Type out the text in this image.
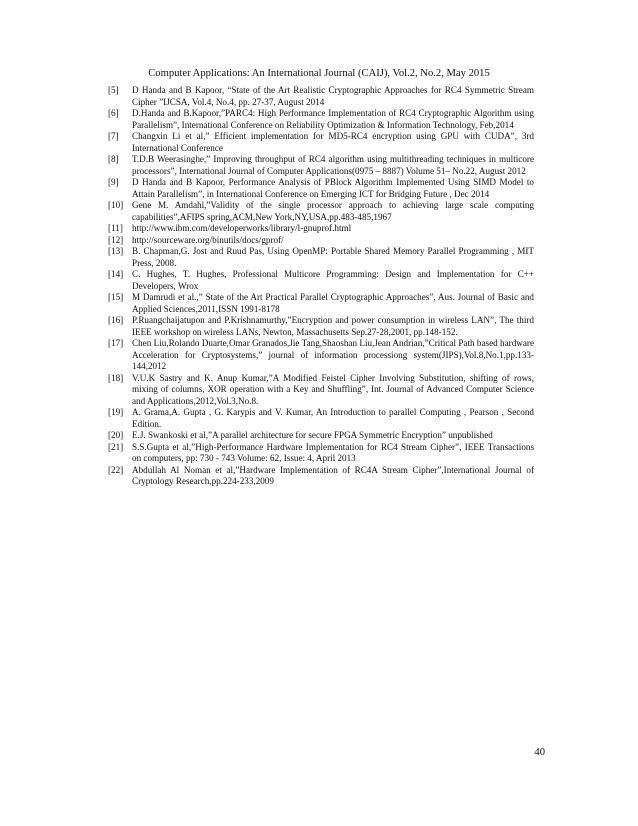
Computer Applications: An International Journal (CAIJ), Vol.2, No.2, May 2015
[5]	D Handa and B Kapoor, “State of the Art Realistic Cryptographic Approaches for RC4 Symmetric Stream Cipher ”IJCSA, Vol.4, No.4, pp. 27-37, August 2014
[6]	D.Handa and B.Kapoor,”PARC4: High Performance Implementation of RC4 Cryptographic Algorithm using Parallelism”, International Conference on Reliability Optimization & Information Technology, Feb,2014
[7]	Changxin Li et al,” Efficient implementation for MD5-RC4 encryption using GPU with CUDA”, 3rd International Conference
[8]	T.D.B Weerasinghe,” Improving throughput of RC4 algorithm using multithreading techniques in multicore processors”, International Journal of Computer Applications(0975 – 8887) Volume 51– No.22, August 2012
[9]	D Handa and B Kapoor, Performance Analysis of PBlock Algorithm Implemented Using SIMD Model to Attain Parallelism”, in International Conference on Emerging ICT for Bridging Future , Dec 2014
[10] Gene M. Amdahl,”Validity of the single processor approach to achieving large scale computing capabilities”,AFIPS spring,ACM,New York,NY,USA,pp.483-485,1967
[11] http://www.ibm.com/developerworks/library/l-gnuprof.html
[12] http://sourceware.org/binutils/docs/gprof/
[13] B. Chapman,G. Jost and Ruud Pas, Using OpenMP: Portable Shared Memory Parallel Programming , MIT Press, 2008.
[14] C. Hughes, T. Hughes, Professional Multicore Programming: Design and Implementation for C++ Developers, Wrox
[15] M Damrudi et al.,” State of the Art Practical Parallel Cryptographic Approaches”, Aus. Journal of Basic and Applied Sciences,2011,ISSN 1991-8178
[16] P.Ruangchaijatupon and P.Krishnamurthy,”Encryption and power consumption in wireless LAN”, The third IEEE workshop on wireless LANs, Newton, Massachusetts Sep.27-28,2001, pp.148-152.
[17] Chen Liu,Rolando Duarte,Omar Granados,Jie Tang,Shaoshan Liu,Jean Andrian,”Critical Path based hardware Acceleration for Cryptosystems,” journal of information processiong system(JIPS),Vol.8,No.1,pp.133-144,2012
[18] V.U.K Sastry and K. Anup Kumar,”A Modified Feistel Cipher Involving Substitution, shifting of rows, mixing of columns, XOR operation with a Key and Shuffling”, Int. Journal of Advanced Computer Science and Applications,2012,Vol.3,No.8.
[19] A. Grama,A. Gupta , G. Karypis and V. Kumar, An Introduction to parallel Computing , Pearson , Second Edition.
[20] E.J. Swankoski et al,”A parallel architecture for secure FPGA Symmetric Encryption” unpublished
[21] S.S.Gupta et al,”High-Performance Hardware Implementation for RC4 Stream Cipher”, IEEE Transactions on computers, pp: 730 - 743 Volume: 62, Issue: 4, April 2013
[22] Abdullah Al Noman et al,”Hardware Implementation of RC4A Stream Cipher”,International Journal of Cryptology Research,pp.224-233,2009
40
